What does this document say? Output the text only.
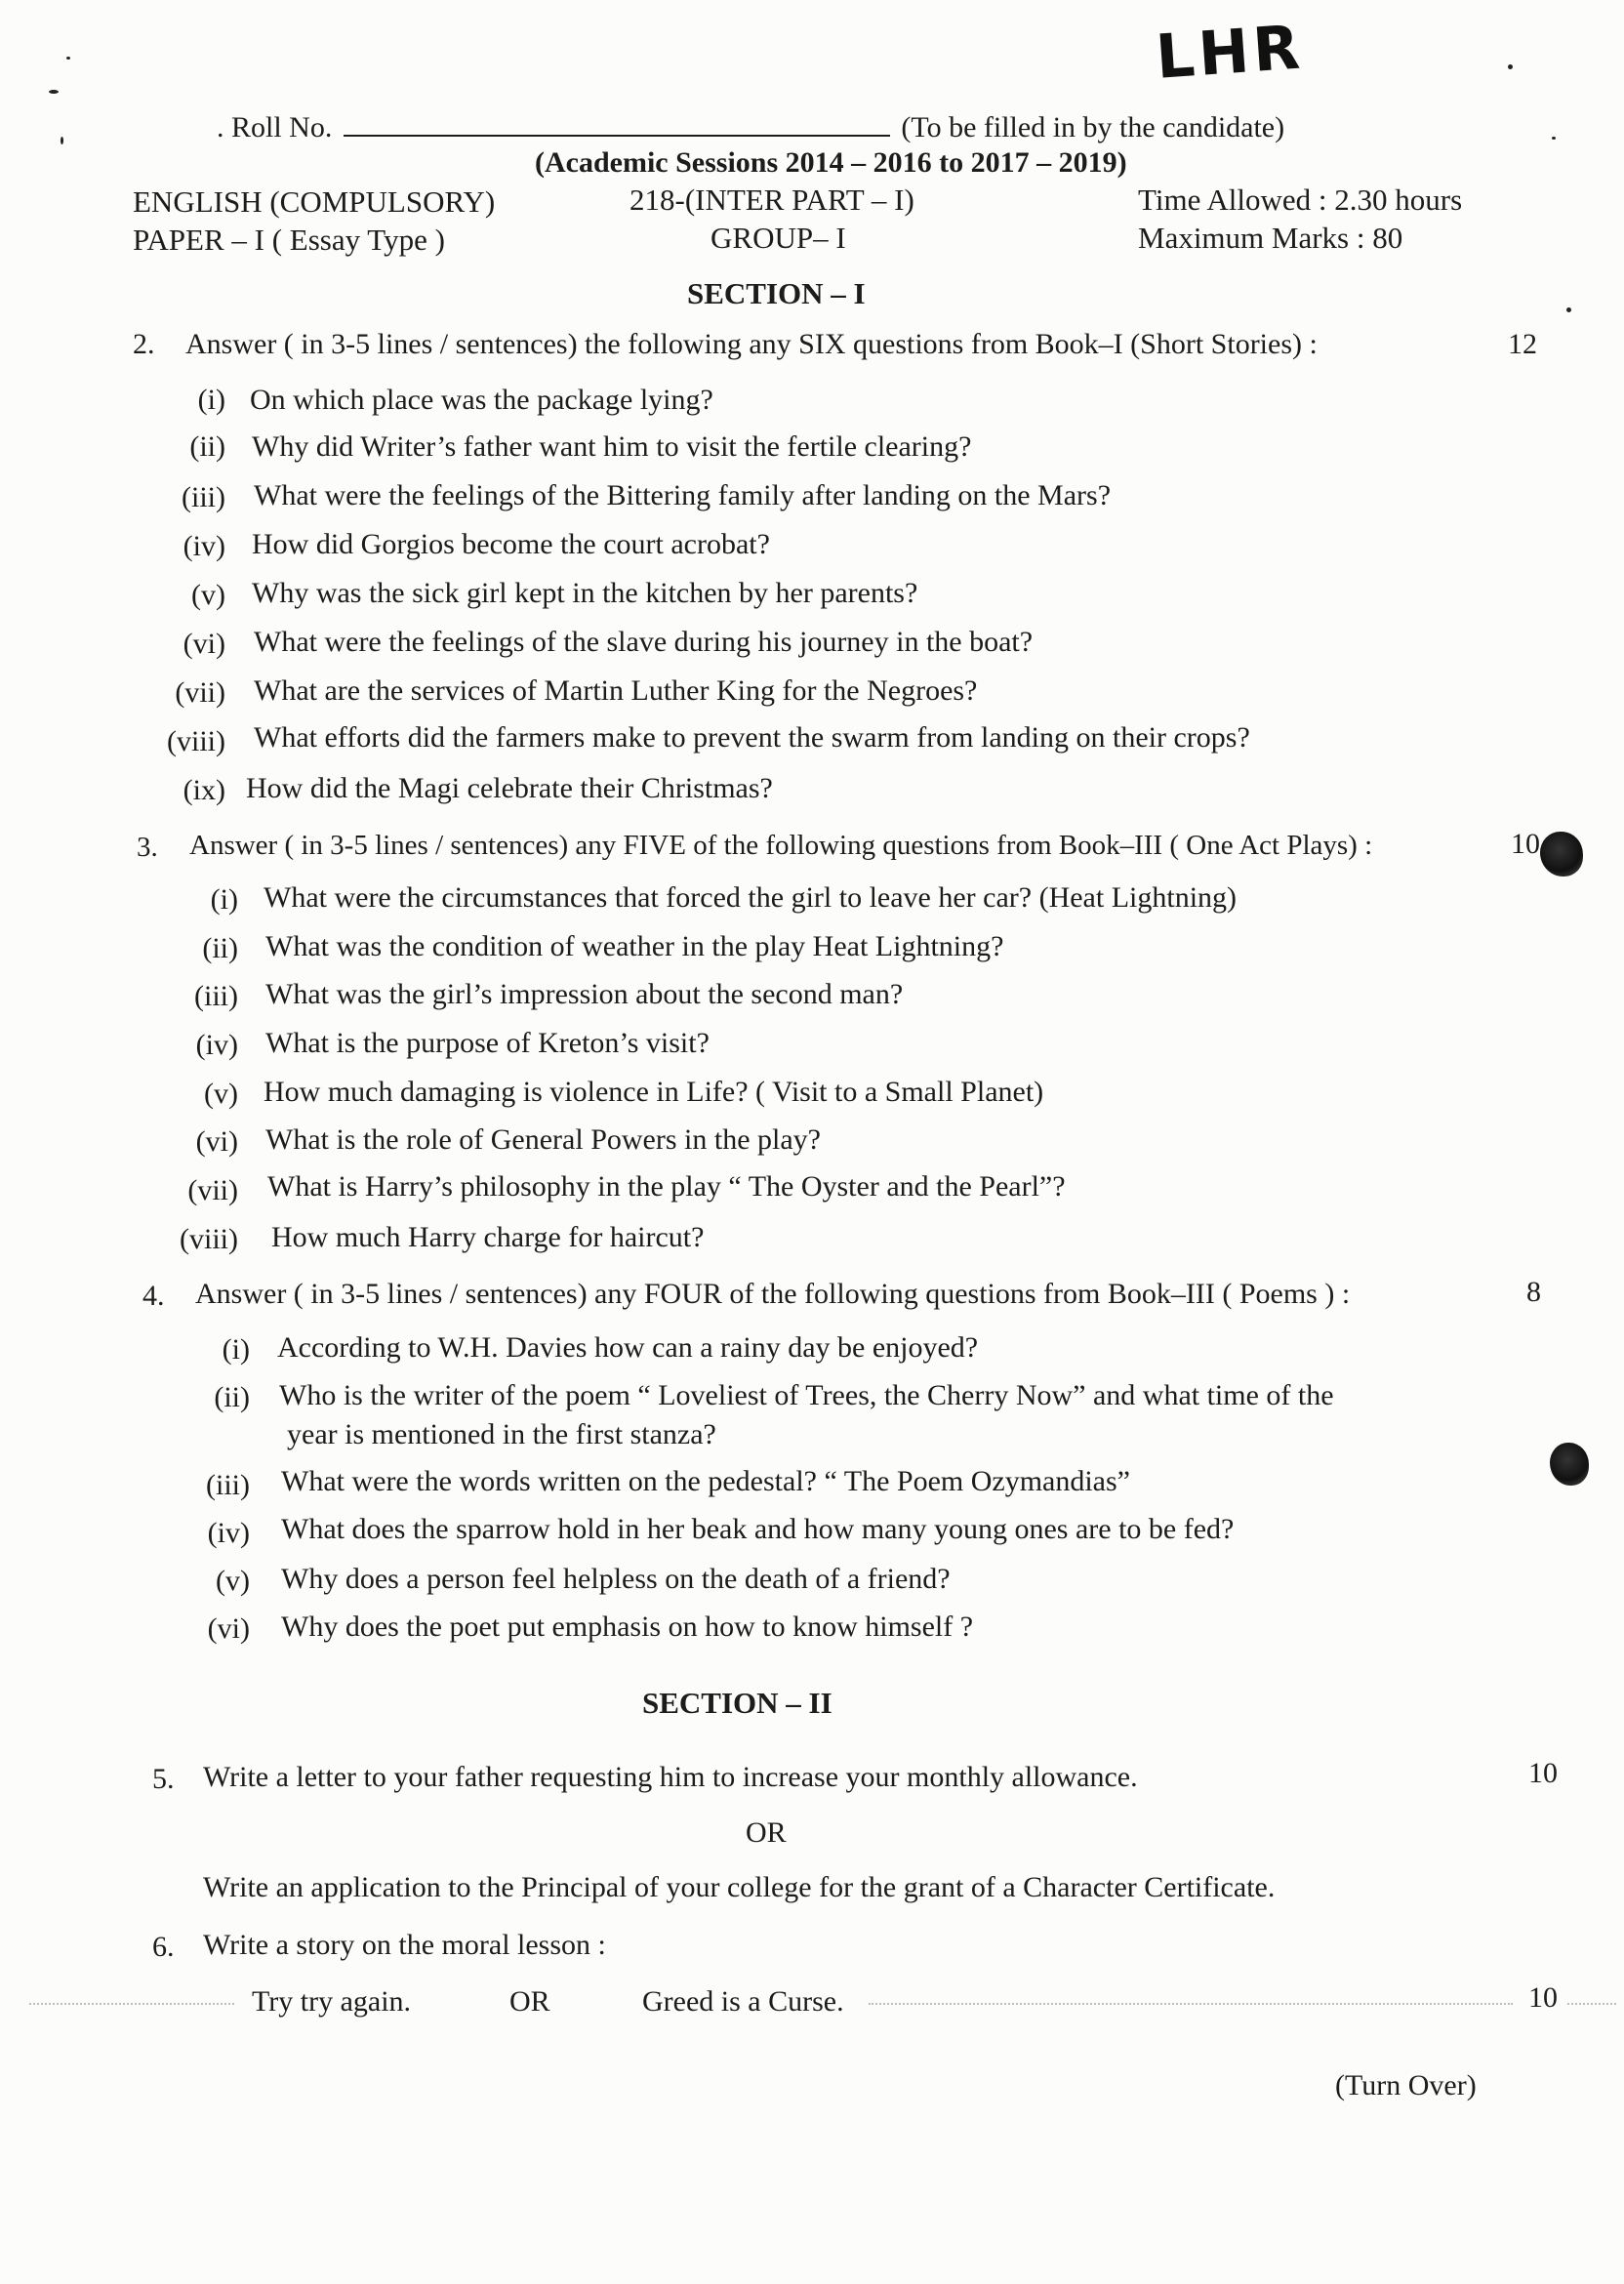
LHR
. Roll No.	(To be filled in by the candidate)
(Academic Sessions 2014 – 2016 to 2017 – 2019)
ENGLISH (COMPULSORY)	218-(INTER PART – I)	Time Allowed : 2.30 hours
PAPER – I ( Essay Type )	GROUP– I	Maximum Marks : 80
SECTION – I
2. Answer ( in 3-5 lines / sentences) the following any SIX questions from Book–I (Short Stories) :	12
(i) On which place was the package lying?
(ii) Why did Writer’s father want him to visit the fertile clearing?
(iii) What were the feelings of the Bittering family after landing on the Mars?
(iv) How did Gorgios become the court acrobat?
(v) Why was the sick girl kept in the kitchen by her parents?
(vi) What were the feelings of the slave during his journey in the boat?
(vii) What are the services of Martin Luther King for the Negroes?
(viii) What efforts did the farmers make to prevent the swarm from landing on their crops?
(ix) How did the Magi celebrate their Christmas?
3. Answer ( in 3-5 lines / sentences) any FIVE of the following questions from Book–III ( One Act Plays) :	10
(i) What were the circumstances that forced the girl to leave her car? (Heat Lightning)
(ii) What was the condition of weather in the play Heat Lightning?
(iii) What was the girl’s impression about the second man?
(iv) What is the purpose of Kreton’s visit?
(v) How much damaging is violence in Life? ( Visit to a Small Planet)
(vi) What is the role of General Powers in the play?
(vii) What is Harry’s philosophy in the play “ The Oyster and the Pearl”?
(viii) How much Harry charge for haircut?
4. Answer ( in 3-5 lines / sentences) any FOUR of the following questions from Book–III ( Poems ) :	8
(i) According to W.H. Davies how can a rainy day be enjoyed?
(ii) Who is the writer of the poem “ Loveliest of Trees, the Cherry Now” and what time of the
year is mentioned in the first stanza?
(iii) What were the words written on the pedestal? “ The Poem Ozymandias”
(iv) What does the sparrow hold in her beak and how many young ones are to be fed?
(v) Why does a person feel helpless on the death of a friend?
(vi) Why does the poet put emphasis on how to know himself ?
SECTION – II
5. Write a letter to your father requesting him to increase your monthly allowance.	10
OR
Write an application to the Principal of your college for the grant of a Character Certificate.
6. Write a story on the moral lesson :
Try try again.	OR	Greed is a Curse.	10
(Turn Over)
